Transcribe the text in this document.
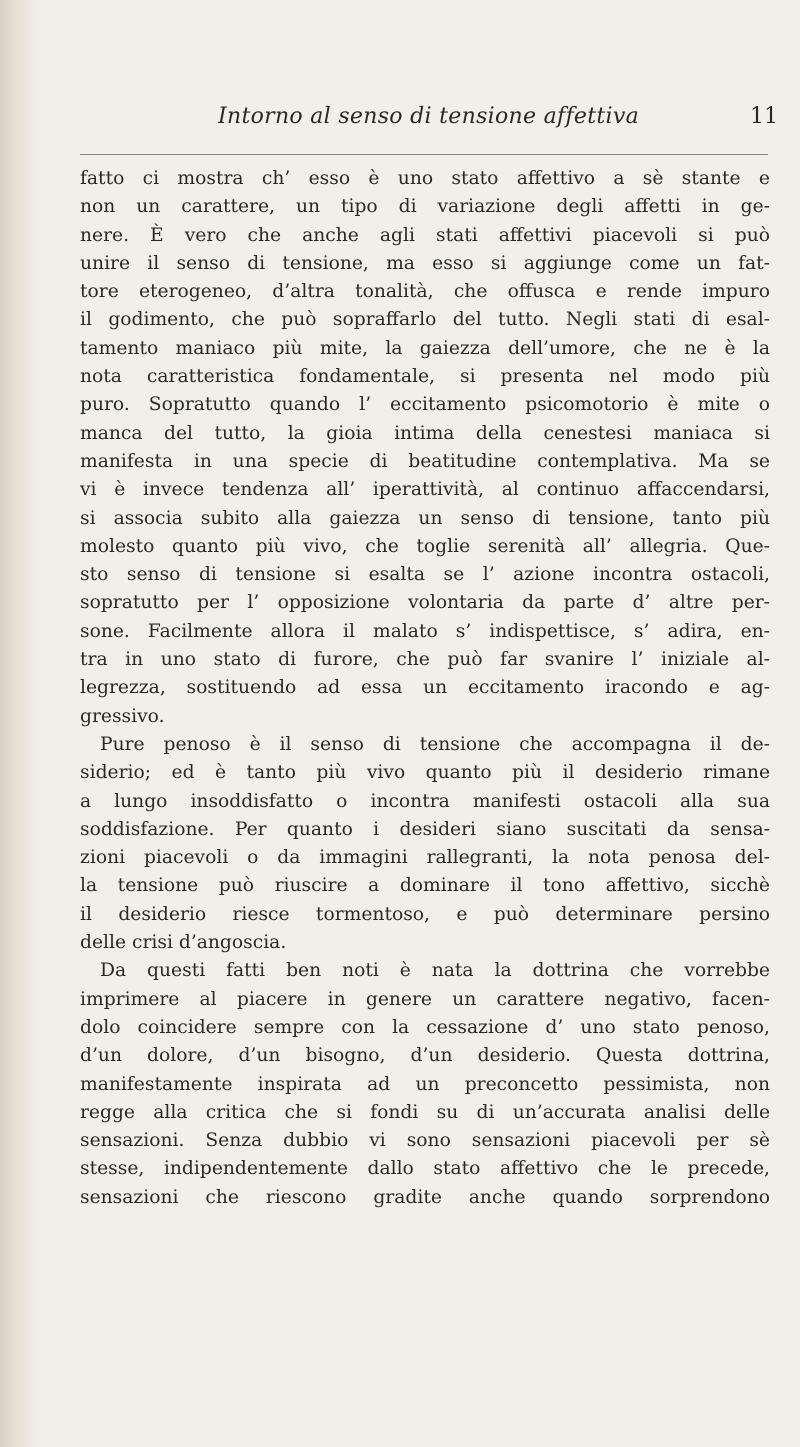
Intorno al senso di tensione affettiva	11
fatto ci mostra ch’ esso è uno stato affettivo a sè stante e
non un carattere, un tipo di variazione degli affetti in ge-
nere. È vero che anche agli stati affettivi piacevoli si può
unire il senso di tensione, ma esso si aggiunge come un fat-
tore eterogeneo, d’altra tonalità, che offusca e rende impuro
il godimento, che può sopraffarlo del tutto. Negli stati di esal-
tamento maniaco più mite, la gaiezza dell’umore, che ne è la
nota caratteristica fondamentale, si presenta nel modo più
puro. Sopratutto quando l’ eccitamento psicomotorio è mite o
manca del tutto, la gioia intima della cenestesi maniaca si
manifesta in una specie di beatitudine contemplativa. Ma se
vi è invece tendenza all’ iperattività, al continuo affaccendarsi,
si associa subito alla gaiezza un senso di tensione, tanto più
molesto quanto più vivo, che toglie serenità all’ allegria. Que-
sto senso di tensione si esalta se l’ azione incontra ostacoli,
sopratutto per l’ opposizione volontaria da parte d’ altre per-
sone. Facilmente allora il malato s’ indispettisce, s’ adira, en-
tra in uno stato di furore, che può far svanire l’ iniziale al-
legrezza, sostituendo ad essa un eccitamento iracondo e ag-
gressivo.
Pure penoso è il senso di tensione che accompagna il de-
siderio; ed è tanto più vivo quanto più il desiderio rimane
a lungo insoddisfatto o incontra manifesti ostacoli alla sua
soddisfazione. Per quanto i desideri siano suscitati da sensa-
zioni piacevoli o da immagini rallegranti, la nota penosa del-
la tensione può riuscire a dominare il tono affettivo, sicchè
il desiderio riesce tormentoso, e può determinare persino
delle crisi d’angoscia.
Da questi fatti ben noti è nata la dottrina che vorrebbe
imprimere al piacere in genere un carattere negativo, facen-
dolo coincidere sempre con la cessazione d’ uno stato penoso,
d’un dolore, d’un bisogno, d’un desiderio. Questa dottrina,
manifestamente inspirata ad un preconcetto pessimista, non
regge alla critica che si fondi su di un’accurata analisi delle
sensazioni. Senza dubbio vi sono sensazioni piacevoli per sè
stesse, indipendentemente dallo stato affettivo che le precede,
sensazioni che riescono gradite anche quando sorprendono
